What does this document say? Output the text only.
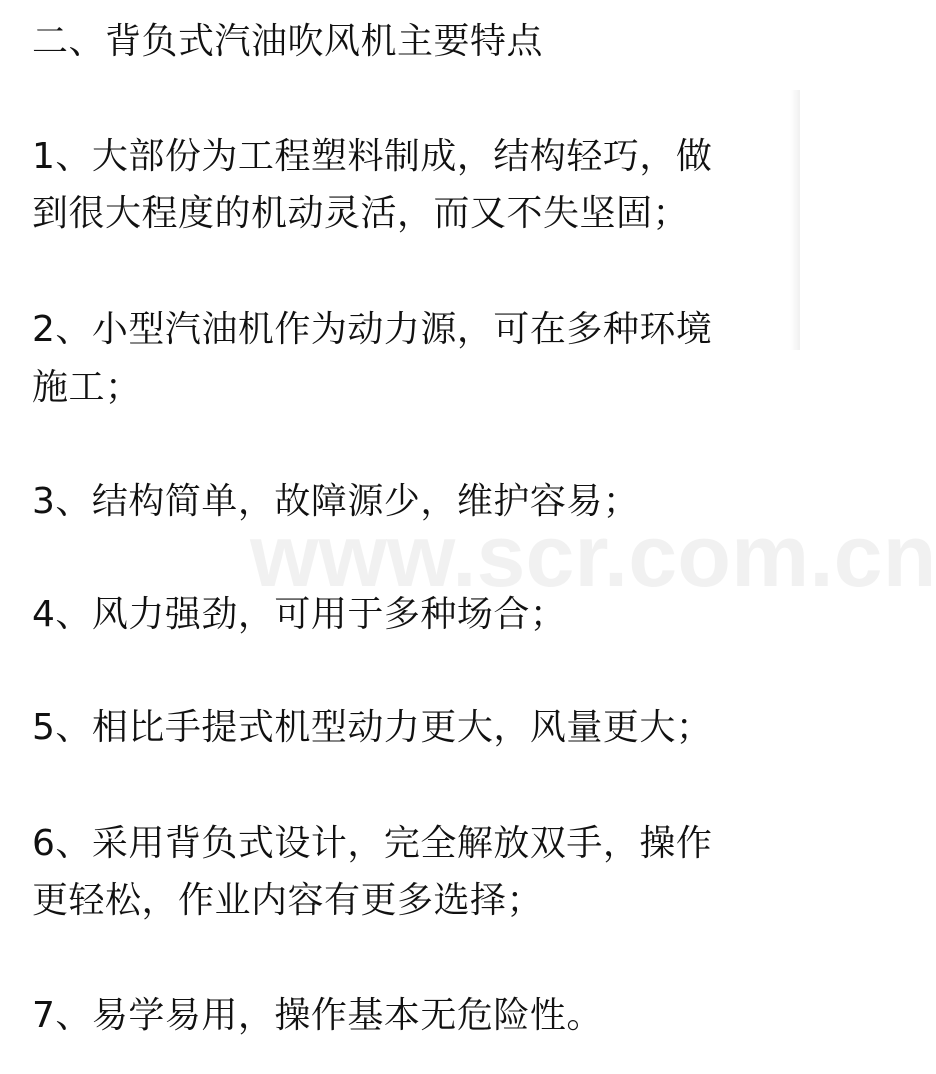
www.scr.com.cn
二、背负式汽油吹风机主要特点
1、大部份为工程塑料制成，结构轻巧，做
到很大程度的机动灵活，而又不失坚固；
2、小型汽油机作为动力源，可在多种环境
施工；
3、结构简单，故障源少，维护容易；
4、风力强劲，可用于多种场合；
5、相比手提式机型动力更大，风量更大；
6、采用背负式设计，完全解放双手，操作
更轻松，作业内容有更多选择；
7、易学易用，操作基本无危险性。
